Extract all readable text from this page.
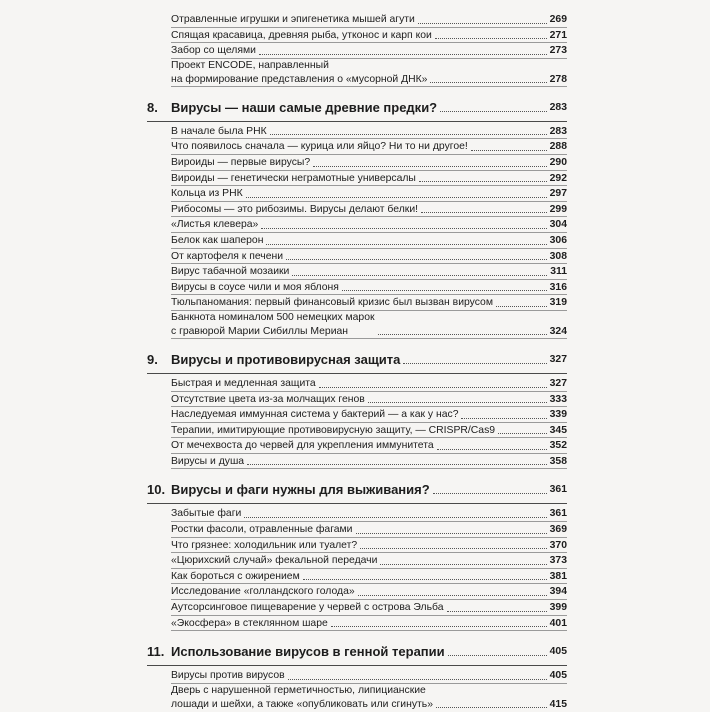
Отравленные игрушки и эпигенетика мышей агути	269
Спящая красавица, древняя рыба, утконос и карп кои	271
Забор со щелями	273
Проект ENCODE, направленный
на формирование представления о «мусорной ДНК»	278
8.	Вирусы — наши самые древние предки?	283
В начале была РНК	283
Что появилось сначала — курица или яйцо? Ни то ни другое!	288
Вироиды — первые вирусы?	290
Вироиды — генетически неграмотные универсалы	292
Кольца из РНК	297
Рибосомы — это рибозимы. Вирусы делают белки!	299
«Листья клевера»	304
Белок как шаперон	306
От картофеля к печени	308
Вирус табачной мозаики	311
Вирусы в соусе чили и моя яблоня	316
Тюльпаномания: первый финансовый кризис был вызван вирусом	319
Банкнота номиналом 500 немецких марок
с гравюрой Марии Сибиллы Мериан	324
9.	Вирусы и противовирусная защита	327
Быстрая и медленная защита	327
Отсутствие цвета из-за молчащих генов	333
Наследуемая иммунная система у бактерий — а как у нас?	339
Терапии, имитирующие противовирусную защиту, — CRISPR/Cas9	345
От мечехвоста до червей для укрепления иммунитета	352
Вирусы и душа	358
10. Вирусы и фаги нужны для выживания?	361
Забытые фаги	361
Ростки фасоли, отравленные фагами	369
Что грязнее: холодильник или туалет?	370
«Цюрихский случай» фекальной передачи	373
Как бороться с ожирением	381
Исследование «голландского голода»	394
Аутсорсинговое пищеварение у червей с острова Эльба	399
«Экосфера» в стеклянном шаре	401
11. Использование вирусов в генной терапии	405
Вирусы против вирусов	405
Дверь с нарушенной герметичностью, липицианские
лошади и шейхи, а также «опубликовать или сгинуть»	415
